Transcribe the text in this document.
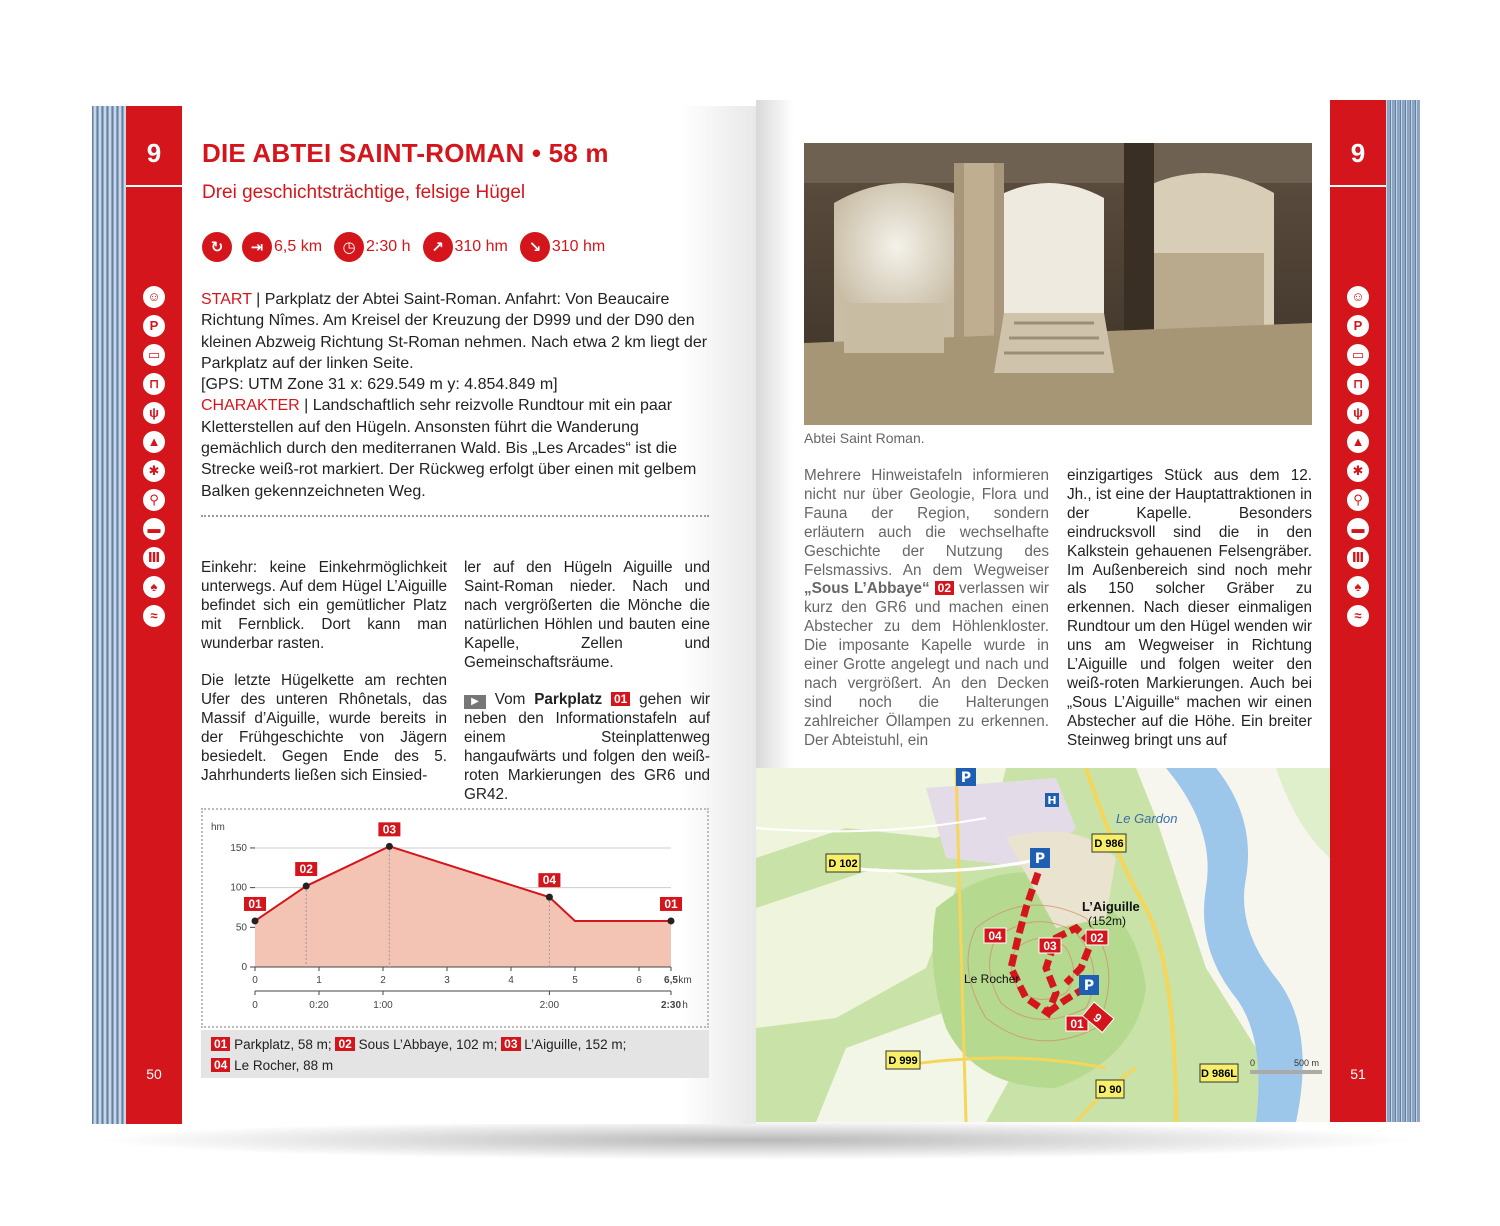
9
☺
P
▭
⊓
ψ
▲
✱
⚲
▬
Ⅲ
♠
≈
50
DIE ABTEI SAINT-ROMAN • 58 m
Drei geschichtsträchtige, felsige Hügel
↻	⇥ 6,5 km	◷ 2:30 h	↗ 310 hm	↘ 310 hm
START | Parkplatz der Abtei Saint-Roman. Anfahrt: Von Beaucaire Richtung Nîmes. Am Kreisel der Kreuzung der D999 und der D90 den kleinen Abzweig Richtung St-Roman nehmen. Nach etwa 2 km liegt der Parkplatz auf der linken Seite.
[GPS: UTM Zone 31 x: 629.549 m y: 4.854.849 m]
CHARAKTER | Landschaftlich sehr reizvolle Rundtour mit ein paar Kletterstellen auf den Hügeln. Ansonsten führt die Wanderung gemächlich durch den mediterranen Wald. Bis „Les Arcades“ ist die Strecke weiß-rot markiert. Der Rückweg erfolgt über einen mit gelbem Balken gekennzeichneten Weg.

Einkehr: keine Einkehrmöglichkeit unterwegs. Auf dem Hügel L’Aiguille befindet sich ein gemütlicher Platz mit Fernblick. Dort kann man wunderbar rasten.

Die letzte Hügelkette am rechten Ufer des unteren Rhônetals, das Massif d’Aiguille, wurde bereits in der Frühgeschichte von Jägern besiedelt. Gegen Ende des 5. Jahrhunderts ließen sich Einsied-

ler auf den Hügeln Aiguille und Saint-Roman nieder. Nach und nach vergrößerten die Mönche die natürlichen Höhlen und bauten eine Kapelle, Zellen und Gemeinschaftsräume.

▶ Vom Parkplatz 01 gehen wir neben den Informationstafeln auf einem Steinplattenweg hangaufwärts und folgen den weiß-roten Markierungen des GR6 und GR42.

0
50
100
150
hm
0	1	2	3	4	5	6 6,5 km
0	0:20	1:00	2:00	2:30 h
01
02
03
04
01
01 Parkplatz, 58 m; 02 Sous L’Abbaye, 102 m; 03 L’Aiguille, 152 m;
04 Le Rocher, 88 m
9
☺
P
▭
⊓
ψ
▲
✱
⚲
▬
Ⅲ
♠
≈
51
Abtei Saint Roman.

Mehrere Hinweistafeln informieren nicht nur über Geologie, Flora und Fauna der Region, sondern erläutern auch die wechselhafte Geschichte der Nutzung des Felsmassivs. An dem Wegweiser „Sous L’Abbaye“ 02 verlassen wir kurz den GR6 und machen einen Abstecher zu dem Höhlenkloster. Die imposante Kapelle wurde in einer Grotte angelegt und nach und nach vergrößert. An den Decken sind noch die Halterungen zahlreicher Öllampen zu erkennen. Der Abteistuhl, ein

einzigartiges Stück aus dem 12. Jh., ist eine der Hauptattraktionen in der Kapelle. Besonders eindrucksvoll sind die in den Kalkstein gehauenen Felsengräber. Im Außenbereich sind noch mehr als 150 solcher Gräber zu erkennen. Nach dieser einmaligen Rundtour um den Hügel wenden wir uns am Wegweiser in Richtung L’Aiguille und folgen weiter den weiß-roten Markierungen. Auch bei „Sous L’Aiguille“ machen wir einen Abstecher auf die Höhe. Ein breiter Steinweg bringt uns auf

P
P
P
H
D 102
D 986
D 999
D 90
D 986L
Le Gardon
L’Aiguille
(152m)
Le Rocher
04
03
02
01 9
0	500 m
